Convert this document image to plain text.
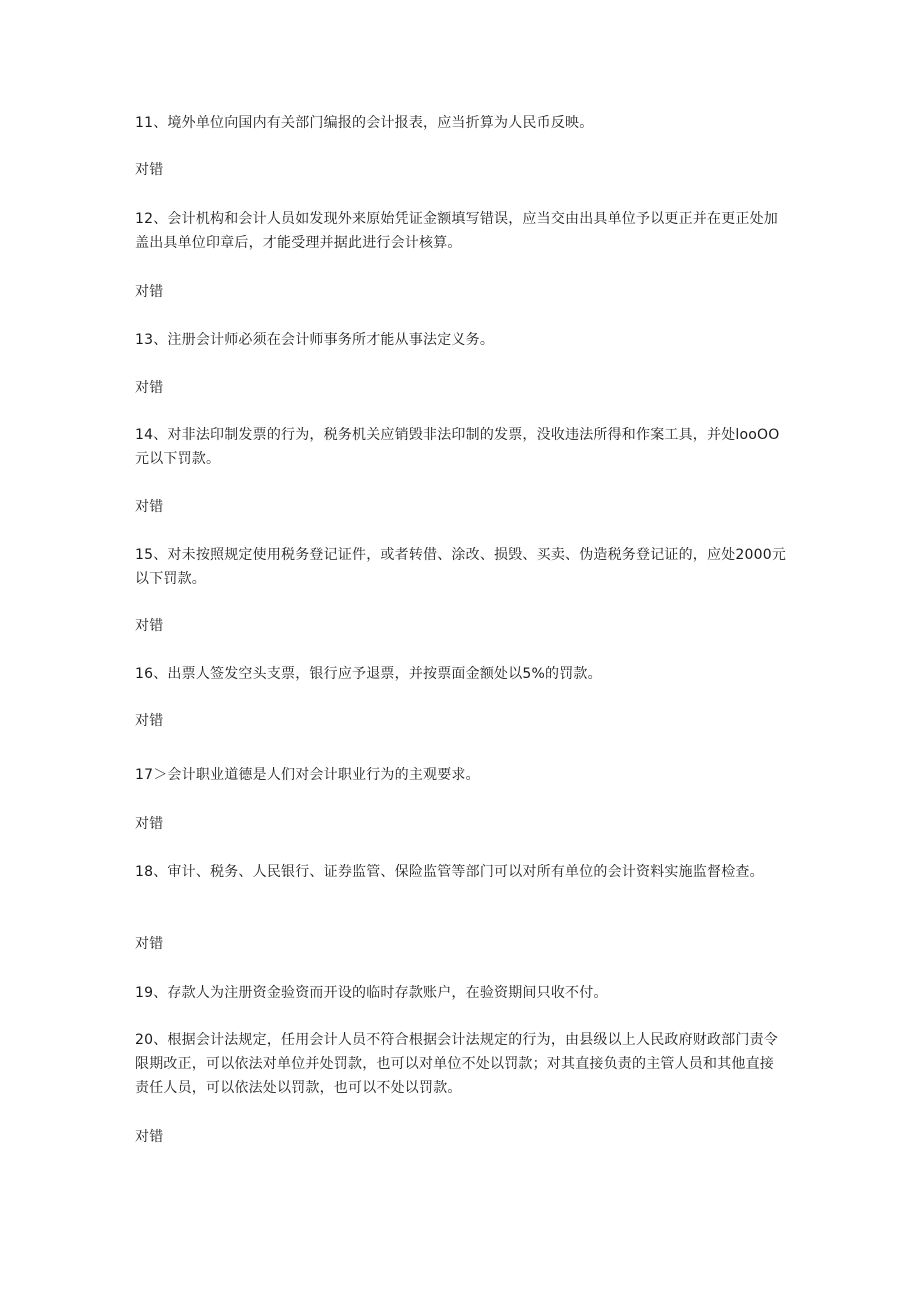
11、境外单位向国内有关部门编报的会计报表，应当折算为人民币反映。

对错

12、会计机构和会计人员如发现外来原始凭证金额填写错误，应当交由出具单位予以更正并在更正处加盖出具单位印章后，才能受理并据此进行会计核算。

对错

13、注册会计师必须在会计师事务所才能从事法定义务。

对错

14、对非法印制发票的行为，税务机关应销毁非法印制的发票，没收违法所得和作案工具，并处looOO元以下罚款。

对错

15、对未按照规定使用税务登记证件，或者转借、涂改、损毁、买卖、伪造税务登记证的，应处2000元以下罚款。

对错

16、出票人签发空头支票，银行应予退票，并按票面金额处以5%的罚款。

对错

17＞会计职业道德是人们对会计职业行为的主观要求。

对错

18、审计、税务、人民银行、证券监管、保险监管等部门可以对所有单位的会计资料实施监督检查。

对错

19、存款人为注册资金验资而开设的临时存款账户，在验资期间只收不付。

20、根据会计法规定，任用会计人员不符合根据会计法规定的行为，由县级以上人民政府财政部门责令限期改正，可以依法对单位并处罚款，也可以对单位不处以罚款；对其直接负责的主管人员和其他直接责任人员，可以依法处以罚款，也可以不处以罚款。

对错
